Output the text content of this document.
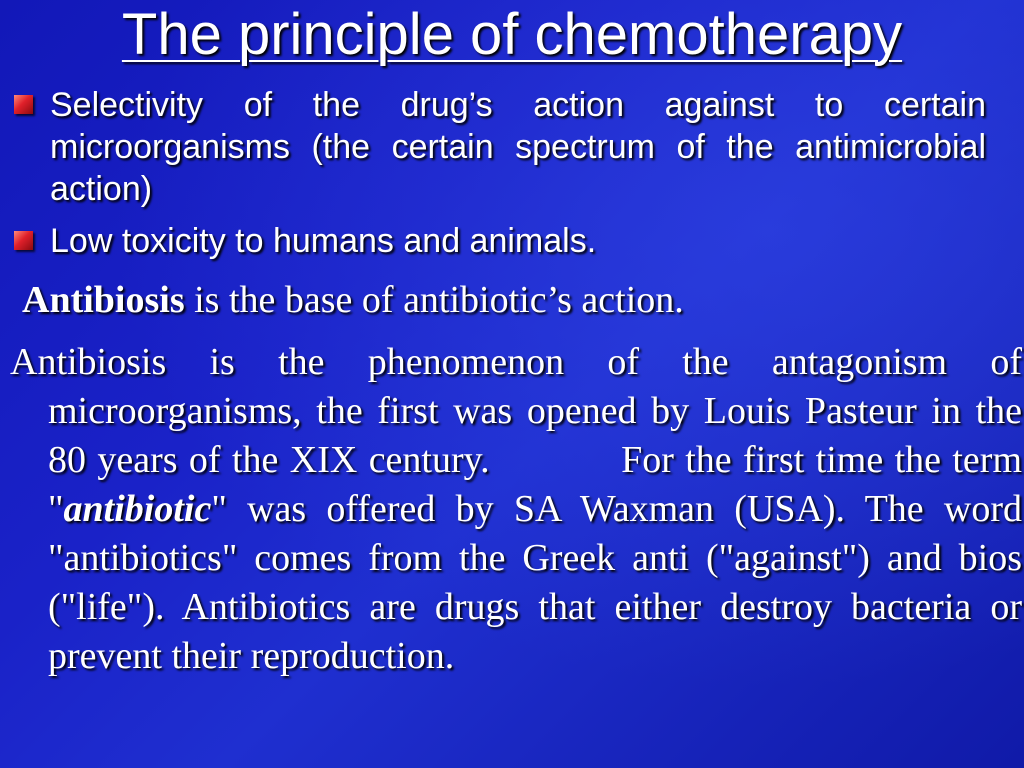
The principle of chemotherapy
Selectivity of the drug’s action against to certain microorganisms (the certain spectrum of the antimicrobial action)
Low toxicity to humans and animals.

Antibiosis is the base of antibiotic’s action.

Antibiosis is the phenomenon of the antagonism of microorganisms, the first was opened by Louis Pasteur in the 80 years of the XIX century.	For the first time the term "antibiotic" was offered by SA Waxman (USA). The word "antibiotics" comes from the Greek anti ("against") and bios ("life"). Antibiotics are drugs that either destroy bacteria or prevent their reproduction.
